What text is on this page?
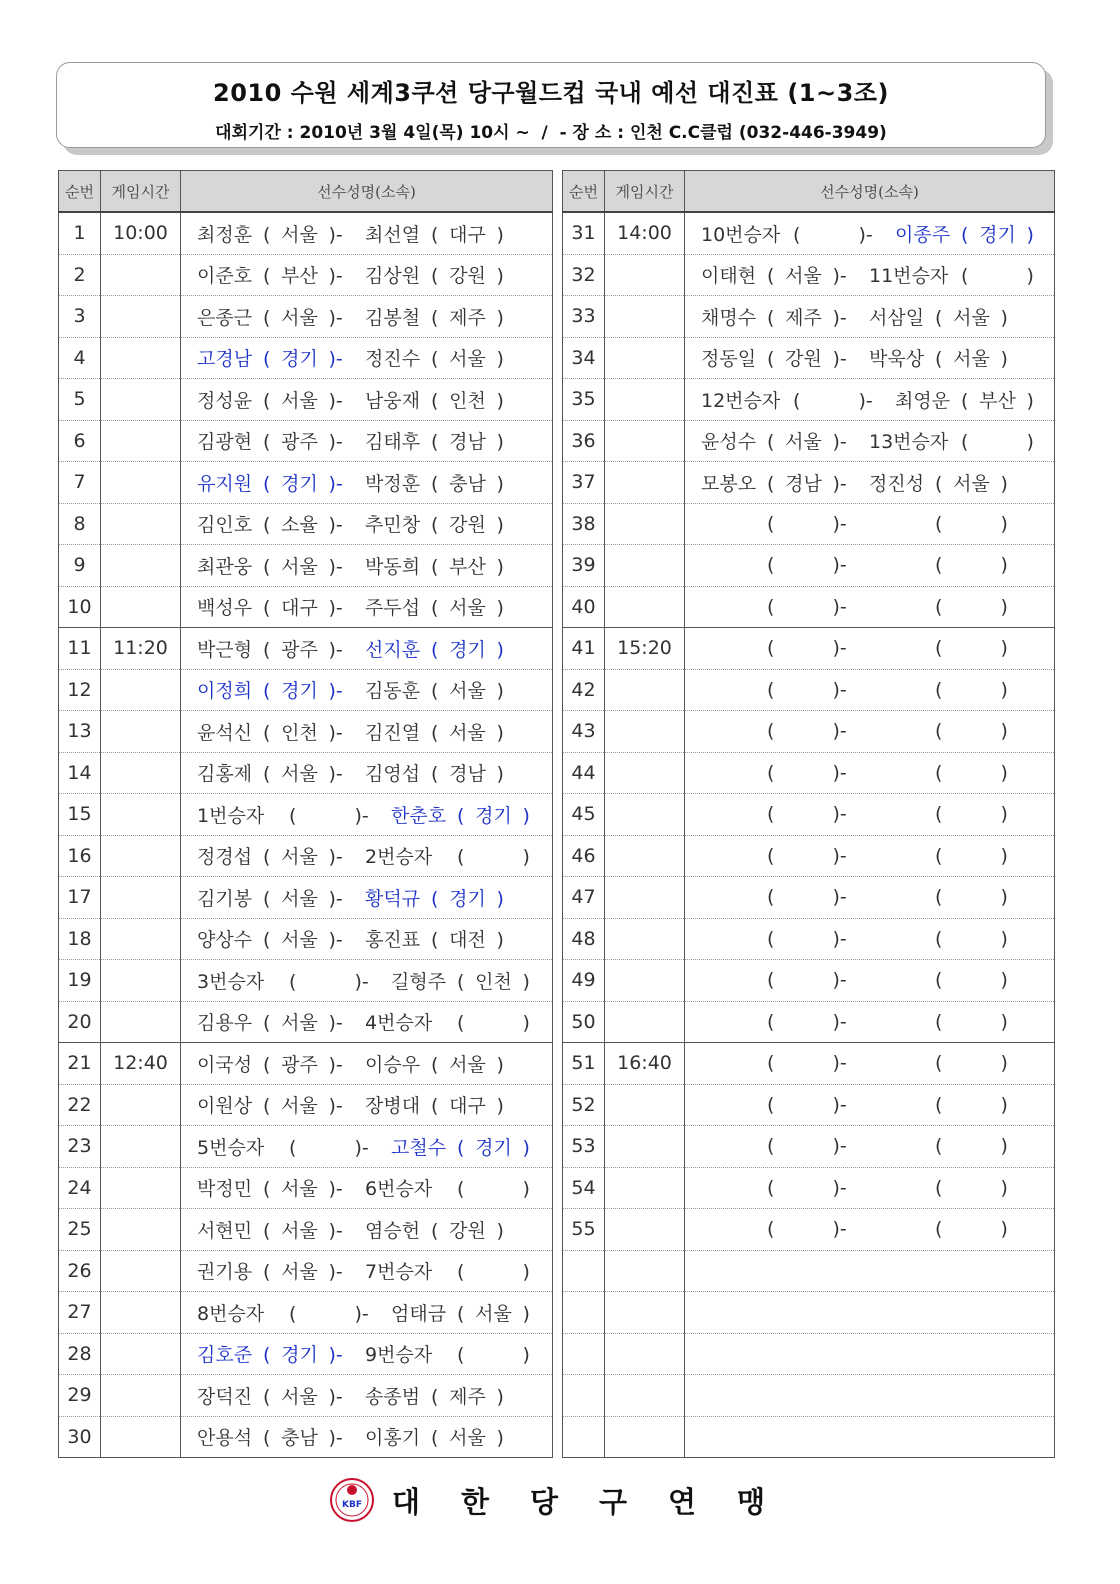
2010 수원 세계3쿠션 당구월드컵 국내 예선 대진표 (1~3조)
대회기간 : 2010년 3월 4일(목) 10시 ~  /  - 장 소 : 인천 C.C클럽 (032-446-3949)
순번	게임시간	선수성명(소속)
1	10:00	최정훈 ( 서울 )- 최선열 ( 대구 )
2		이준호 ( 부산 )- 김상원 ( 강원 )
3		은종근 ( 서울 )- 김봉철 ( 제주 )
4		고경남 ( 경기 )- 정진수 ( 서울 )
5		정성윤 ( 서울 )- 남웅재 ( 인천 )
6		김광현 ( 광주 )- 김태후 ( 경남 )
7		유지원 ( 경기 )- 박정훈 ( 충남 )
8		김인호 ( 소율 )- 추민창 ( 강원 )
9		최관웅 ( 서울 )- 박동희 ( 부산 )
10		백성우 ( 대구 )- 주두섭 ( 서울 )
11	11:20	박근형 ( 광주 )- 선지훈 ( 경기 )
12		이정희 ( 경기 )- 김동훈 ( 서울 )
13		윤석신 ( 인천 )- 김진열 ( 서울 )
14		김홍제 ( 서울 )- 김영섭 ( 경남 )
15		1번승자 (  )- 한춘호 ( 경기 )
16		정경섭 ( 서울 )- 2번승자 (  )
17		김기봉 ( 서울 )- 황덕규 ( 경기 )
18		양상수 ( 서울 )- 홍진표 ( 대전 )
19		3번승자 (  )- 길형주 ( 인천 )
20		김용우 ( 서울 )- 4번승자 (  )
21	12:40	이국성 ( 광주 )- 이승우 ( 서울 )
22		이원상 ( 서울 )- 장병대 ( 대구 )
23		5번승자 (  )- 고철수 ( 경기 )
24		박정민 ( 서울 )- 6번승자 (  )
25		서현민 ( 서울 )- 염승헌 ( 강원 )
26		권기용 ( 서울 )- 7번승자 (  )
27		8번승자 (  )- 엄태금 ( 서울 )
28		김호준 ( 경기 )- 9번승자 (  )
29		장덕진 ( 서울 )- 송종범 ( 제주 )
30		안용석 ( 충남 )- 이홍기 ( 서울 )
순번	게임시간	선수성명(소속)
31	14:00	10번승자 (  )- 이종주 ( 경기 )
32		이태현 ( 서울 )- 11번승자 (  )
33		채명수 ( 제주 )- 서삼일 ( 서울 )
34		정동일 ( 강원 )- 박욱상 ( 서울 )
35		12번승자 (  )- 최영운 ( 부산 )
36		윤성수 ( 서울 )- 13번승자 (  )
37		모봉오 ( 경남 )- 정진성 ( 서울 )
38		(  )- (  )
39		(  )- (  )
40		(  )- (  )
41	15:20	(  )- (  )
42		(  )- (  )
43		(  )- (  )
44		(  )- (  )
45		(  )- (  )
46		(  )- (  )
47		(  )- (  )
48		(  )- (  )
49		(  )- (  )
50		(  )- (  )
51	16:40	(  )- (  )
52		(  )- (  )
53		(  )- (  )
54		(  )- (  )
55		(  )- (  )

KBF 대한당구연맹
